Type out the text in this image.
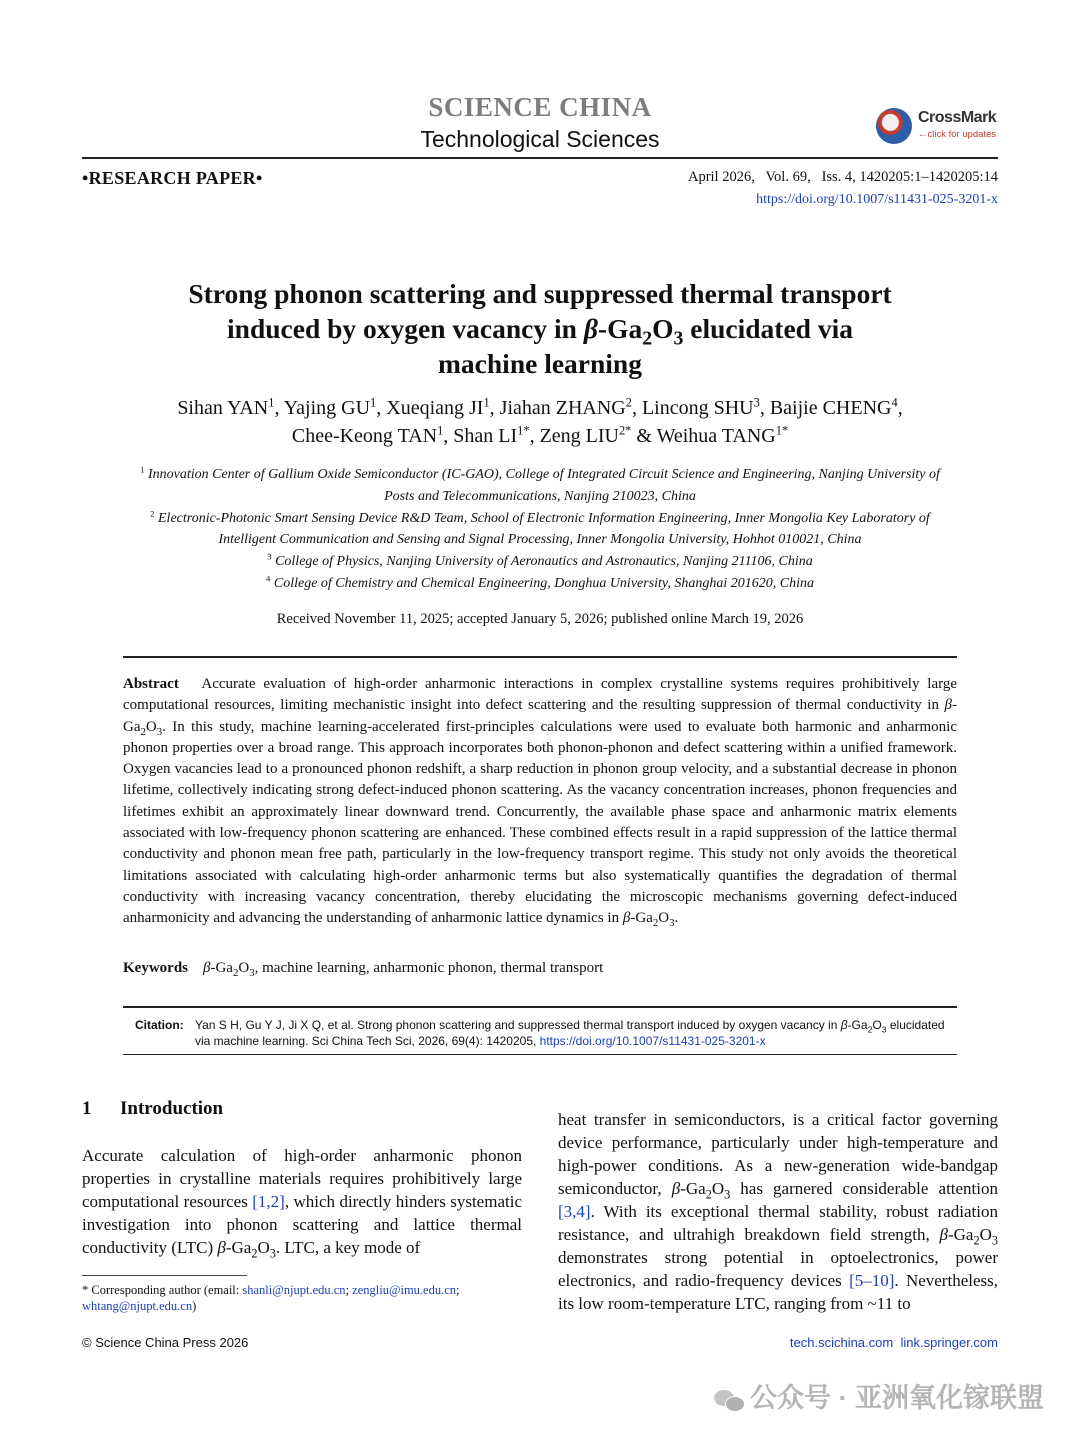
SCIENCE CHINA
Technological Sciences
CrossMark
←click for updates
•RESEARCH PAPER•	April 2026,   Vol. 69,   Iss. 4, 1420205:1–1420205:14
https://doi.org/10.1007/s11431-025-3201-x
Strong phonon scattering and suppressed thermal transport
induced by oxygen vacancy in $\beta-Ga_2O_3$ elucidated via
machine learning
Sihan YAN$^1$, Yajing $GU^1$, Xueqiang $JI^1$, Jiahan ZHANG$^2$, Lincong SHU$^3$, Baijie CHENG$^4$,
Chee-Keong TAN$^1$, Shan $LI^{1*}$, Zeng $LIU^{2*}$ & Weihua $TANG^{1*}$
$^1$ Innovation Center of Gallium Oxide Semiconductor (IC-GAO), College of Integrated Circuit Science and Engineering, Nanjing University of
Posts and Telecommunications, Nanjing 210023, China
$^2$ Electronic-Photonic Smart Sensing Device R&D Team, School of Electronic Information Engineering, Inner Mongolia Key Laboratory of
Intelligent Communication and Sensing and Signal Processing, Inner Mongolia University, Hohhot 010021, China
$^3$ College of Physics, Nanjing University of Aeronautics and Astronautics, Nanjing 211106, China
$^4$ College of Chemistry and Chemical Engineering, Donghua University, Shanghai 201620, China
Received November 11, 2025; accepted January 5, 2026; published online March 19, 2026
Abstract Accurate evaluation of high-order anharmonic interactions in complex crystalline systems requires prohibitively large computational resources, limiting mechanistic insight into defect scattering and the resulting suppression of thermal conductivity in $\beta-Ga_2O_3$. In this study, machine learning-accelerated first-principles calculations were used to evaluate both harmonic and anharmonic phonon properties over a broad range. This approach incorporates both phonon-phonon and defect scattering within a unified framework. Oxygen vacancies lead to a pronounced phonon redshift, a sharp reduction in phonon group velocity, and a substantial decrease in phonon lifetime, collectively indicating strong defect-induced phonon scattering. As the vacancy concentration increases, phonon frequencies and lifetimes exhibit an approximately linear downward trend. Concurrently, the available phase space and anharmonic matrix elements associated with low-frequency phonon scattering are enhanced. These combined effects result in a rapid suppression of the lattice thermal conductivity and phonon mean free path, particularly in the low-frequency transport regime. This study not only avoids the theoretical limitations associated with calculating high-order anharmonic terms but also systematically quantifies the degradation of thermal conductivity with increasing vacancy concentration, thereby elucidating the microscopic mechanisms governing defect-induced anharmonicity and advancing the understanding of anharmonic lattice dynamics in $\beta-Ga_2O_3$.
Keywords $\beta-Ga_2O_3$, machine learning, anharmonic phonon, thermal transport
Citation: Yan S H, Gu Y J, Ji X Q, et al. Strong phonon scattering and suppressed thermal transport induced by oxygen vacancy in $\beta-Ga_2O_3$ elucidated via machine learning. Sci China Tech Sci, 2026, 69(4): 1420205, https://doi.org/10.1007/s11431-025-3201-x
1 Introduction
Accurate calculation of high-order anharmonic phonon properties in crystalline materials requires prohibitively large computational resources [1,2], which directly hinders systematic investigation into phonon scattering and lattice thermal conductivity (LTC) $\beta-Ga_2O_3$. LTC, a key mode of
heat transfer in semiconductors, is a critical factor governing device performance, particularly under high-temperature and high-power conditions. As a new-generation wide-bandgap semiconductor, $\beta-Ga_2O_3$ has garnered considerable attention [3,4]. With its exceptional thermal stability, robust radiation resistance, and ultrahigh breakdown field strength, $\beta-Ga_2O_3$ demonstrates strong potential in optoelectronics, power electronics, and radio-frequency devices [5–10]. Nevertheless, its low room-temperature LTC, ranging from ~11 to
* Corresponding author (email: shanli@njupt.edu.cn; zengliu@imu.edu.cn; whtang@njupt.edu.cn)
© Science China Press 2026	tech.scichina.com link.springer.com
公众号 · 亚洲氧化镓联盟
